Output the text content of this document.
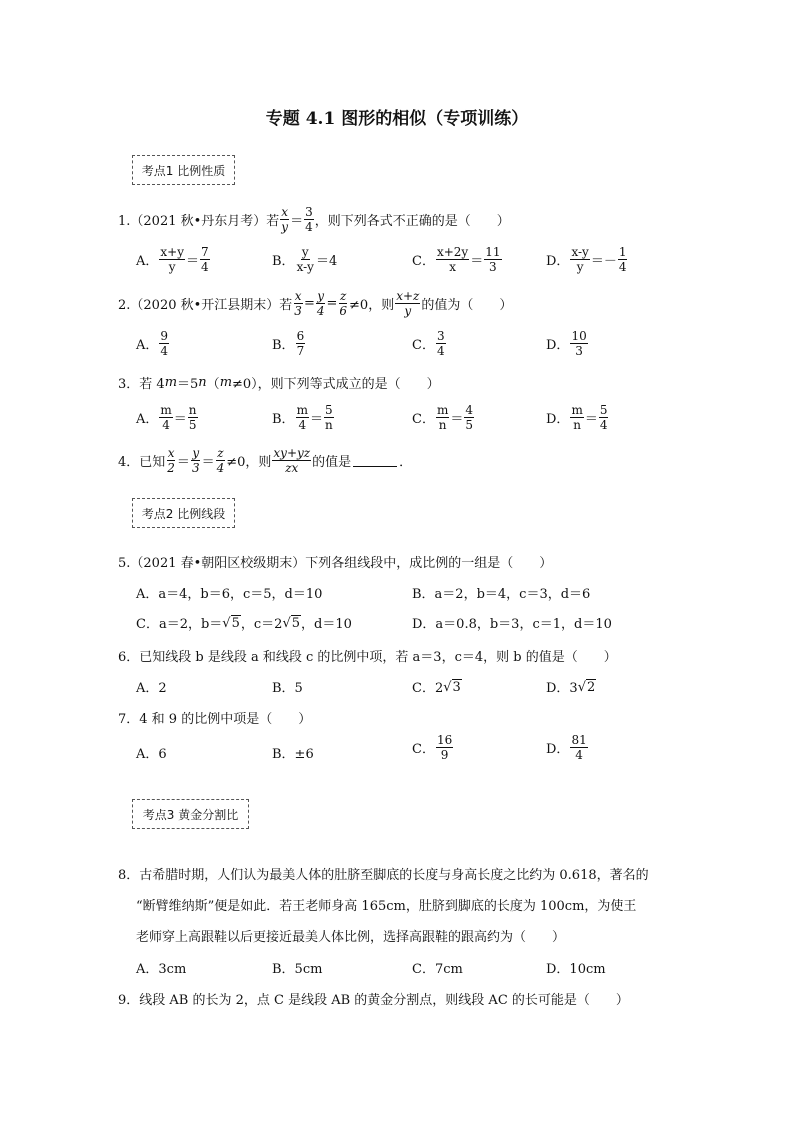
专题 4.1 图形的相似（专项训练）
考点1 比例性质
1.（2021 秋•丹东月考）若 $\frac{x}{y} = \frac{3}{4}$ ，则下列各式不正确的是（　　）
A． $\frac{x+y}{y} = \frac{7}{4}$	B． $\frac{y}{x-y} =4$	C． $\frac{x+2y}{x} = \frac{11}{3}$	D． $\frac{x-y}{y} =- \frac{1}{4}$
2.（2020 秋•开江县期末）若 $\frac{x}{3} = \frac{y}{4} = \frac{z}{6} \ne 0$，则 $\frac{x+z}{y}$ 的值为（　　）
A． $\frac{9}{4}$	B． $\frac{6}{7}$	C． $\frac{3}{4}$	D． $\frac{10}{3}$
3．若 4 m ＝5 n （ m ≠0），则下列等式成立的是（　　）
A． $\frac{m}{4} = \frac{n}{5}$	B． $\frac{m}{4} = \frac{5}{n}$	C． $\frac{m}{n} = \frac{4}{5}$	D． $\frac{m}{n} = \frac{5}{4}$
4．已知 $\frac{x}{2} = \frac{y}{3} = \frac{z}{4} \ne 0$，则 $\frac{xy+yz}{zx}$ 的值是	．
考点2 比例线段
5.（2021 春•朝阳区校级期末）下列各组线段中，成比例的一组是（　　）
A．a＝4，b＝6，c＝5，d＝10	B．a＝2，b＝4，c＝3，d＝6
C．a＝2，b＝ √ 5 ，c＝2 √ 5 ，d＝10	D．a＝0.8，b＝3，c＝1，d＝10
6．已知线段 b 是线段 a 和线段 c 的比例中项，若 a＝3，c＝4，则 b 的值是（　　）
A．2	B．5	C．2 √ 3	D．3 √ 2
7．4 和 9 的比例中项是（　　）
A．6	B．±6	C． $\frac{16}{9}$	D． $\frac{81}{4}$
考点3 黄金分割比
8．古希腊时期，人们认为最美人体的肚脐至脚底的长度与身高长度之比约为 0.618，著名的
“断臂维纳斯”便是如此．若王老师身高 165cm，肚脐到脚底的长度为 100cm，为使王
老师穿上高跟鞋以后更接近最美人体比例，选择高跟鞋的跟高约为（　　）
A．3cm	B．5cm	C．7cm	D．10cm
9．线段 AB 的长为 2，点 C 是线段 AB 的黄金分割点，则线段 AC 的长可能是（　　）
